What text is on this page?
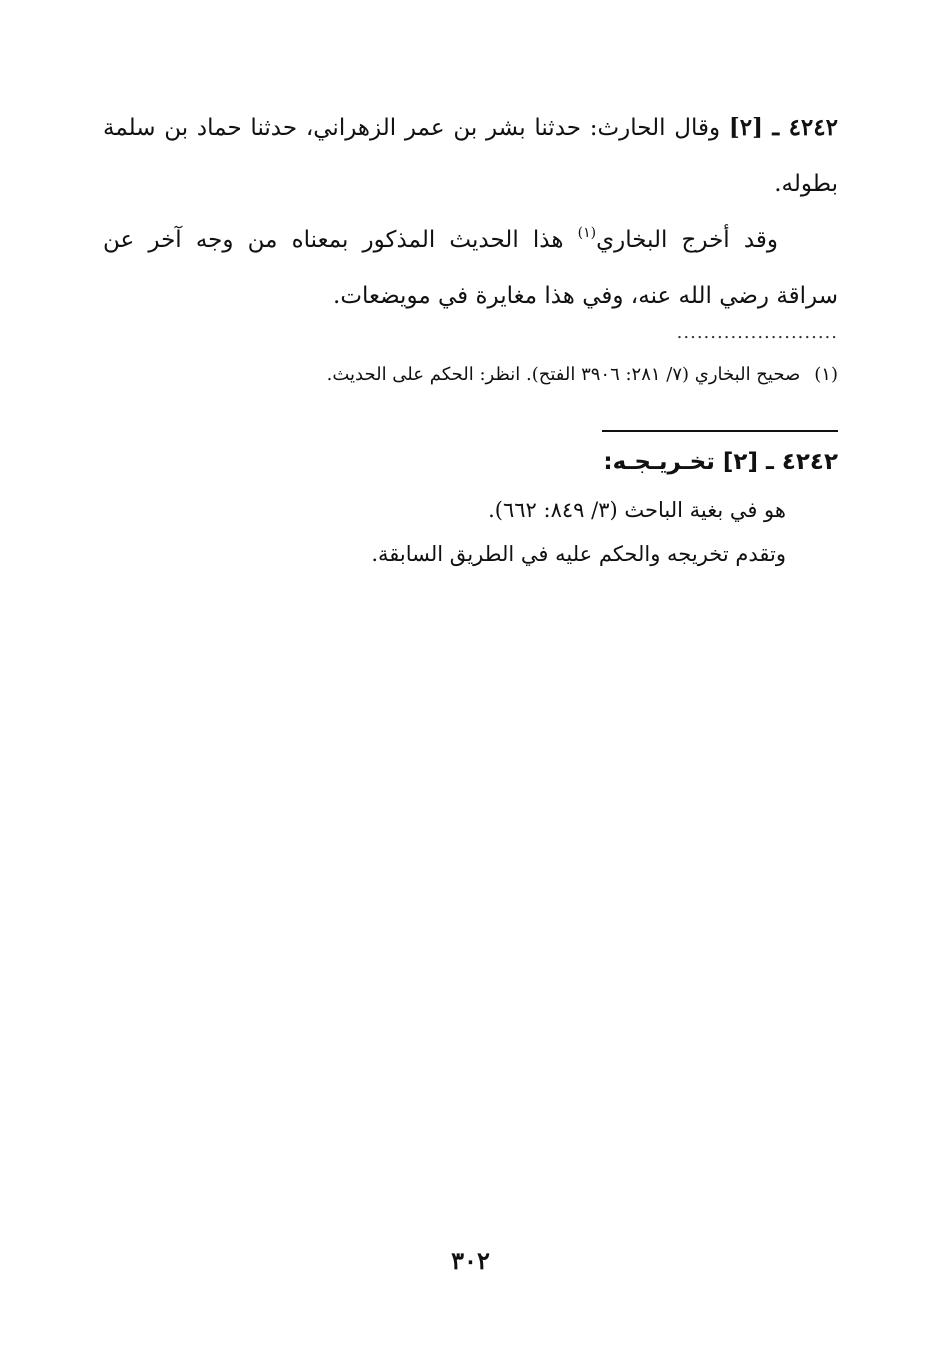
٤٢٤٢ ـ [٢] وقال الحارث: حدثنا بشر بن عمر الزهراني، حدثنا حماد بن سلمة بطوله.

وقد أخرج البخاري$^{(١)}$ هذا الحديث المذكور بمعناه من وجه آخر عن سراقة رضي الله عنه، وفي هذا مغايرة في مويضعات.

........................

(١)صحيح البخاري (٧/ ٢٨١: ٣٩٠٦ الفتح). انظر: الحكم على الحديث.

٤٢٤٢ ـ [٢] تخـريـجـه:

هو في بغية الباحث (٣/ ٨٤٩: ٦٦٢).

وتقدم تخريجه والحكم عليه في الطريق السابقة.

٣٠٢
